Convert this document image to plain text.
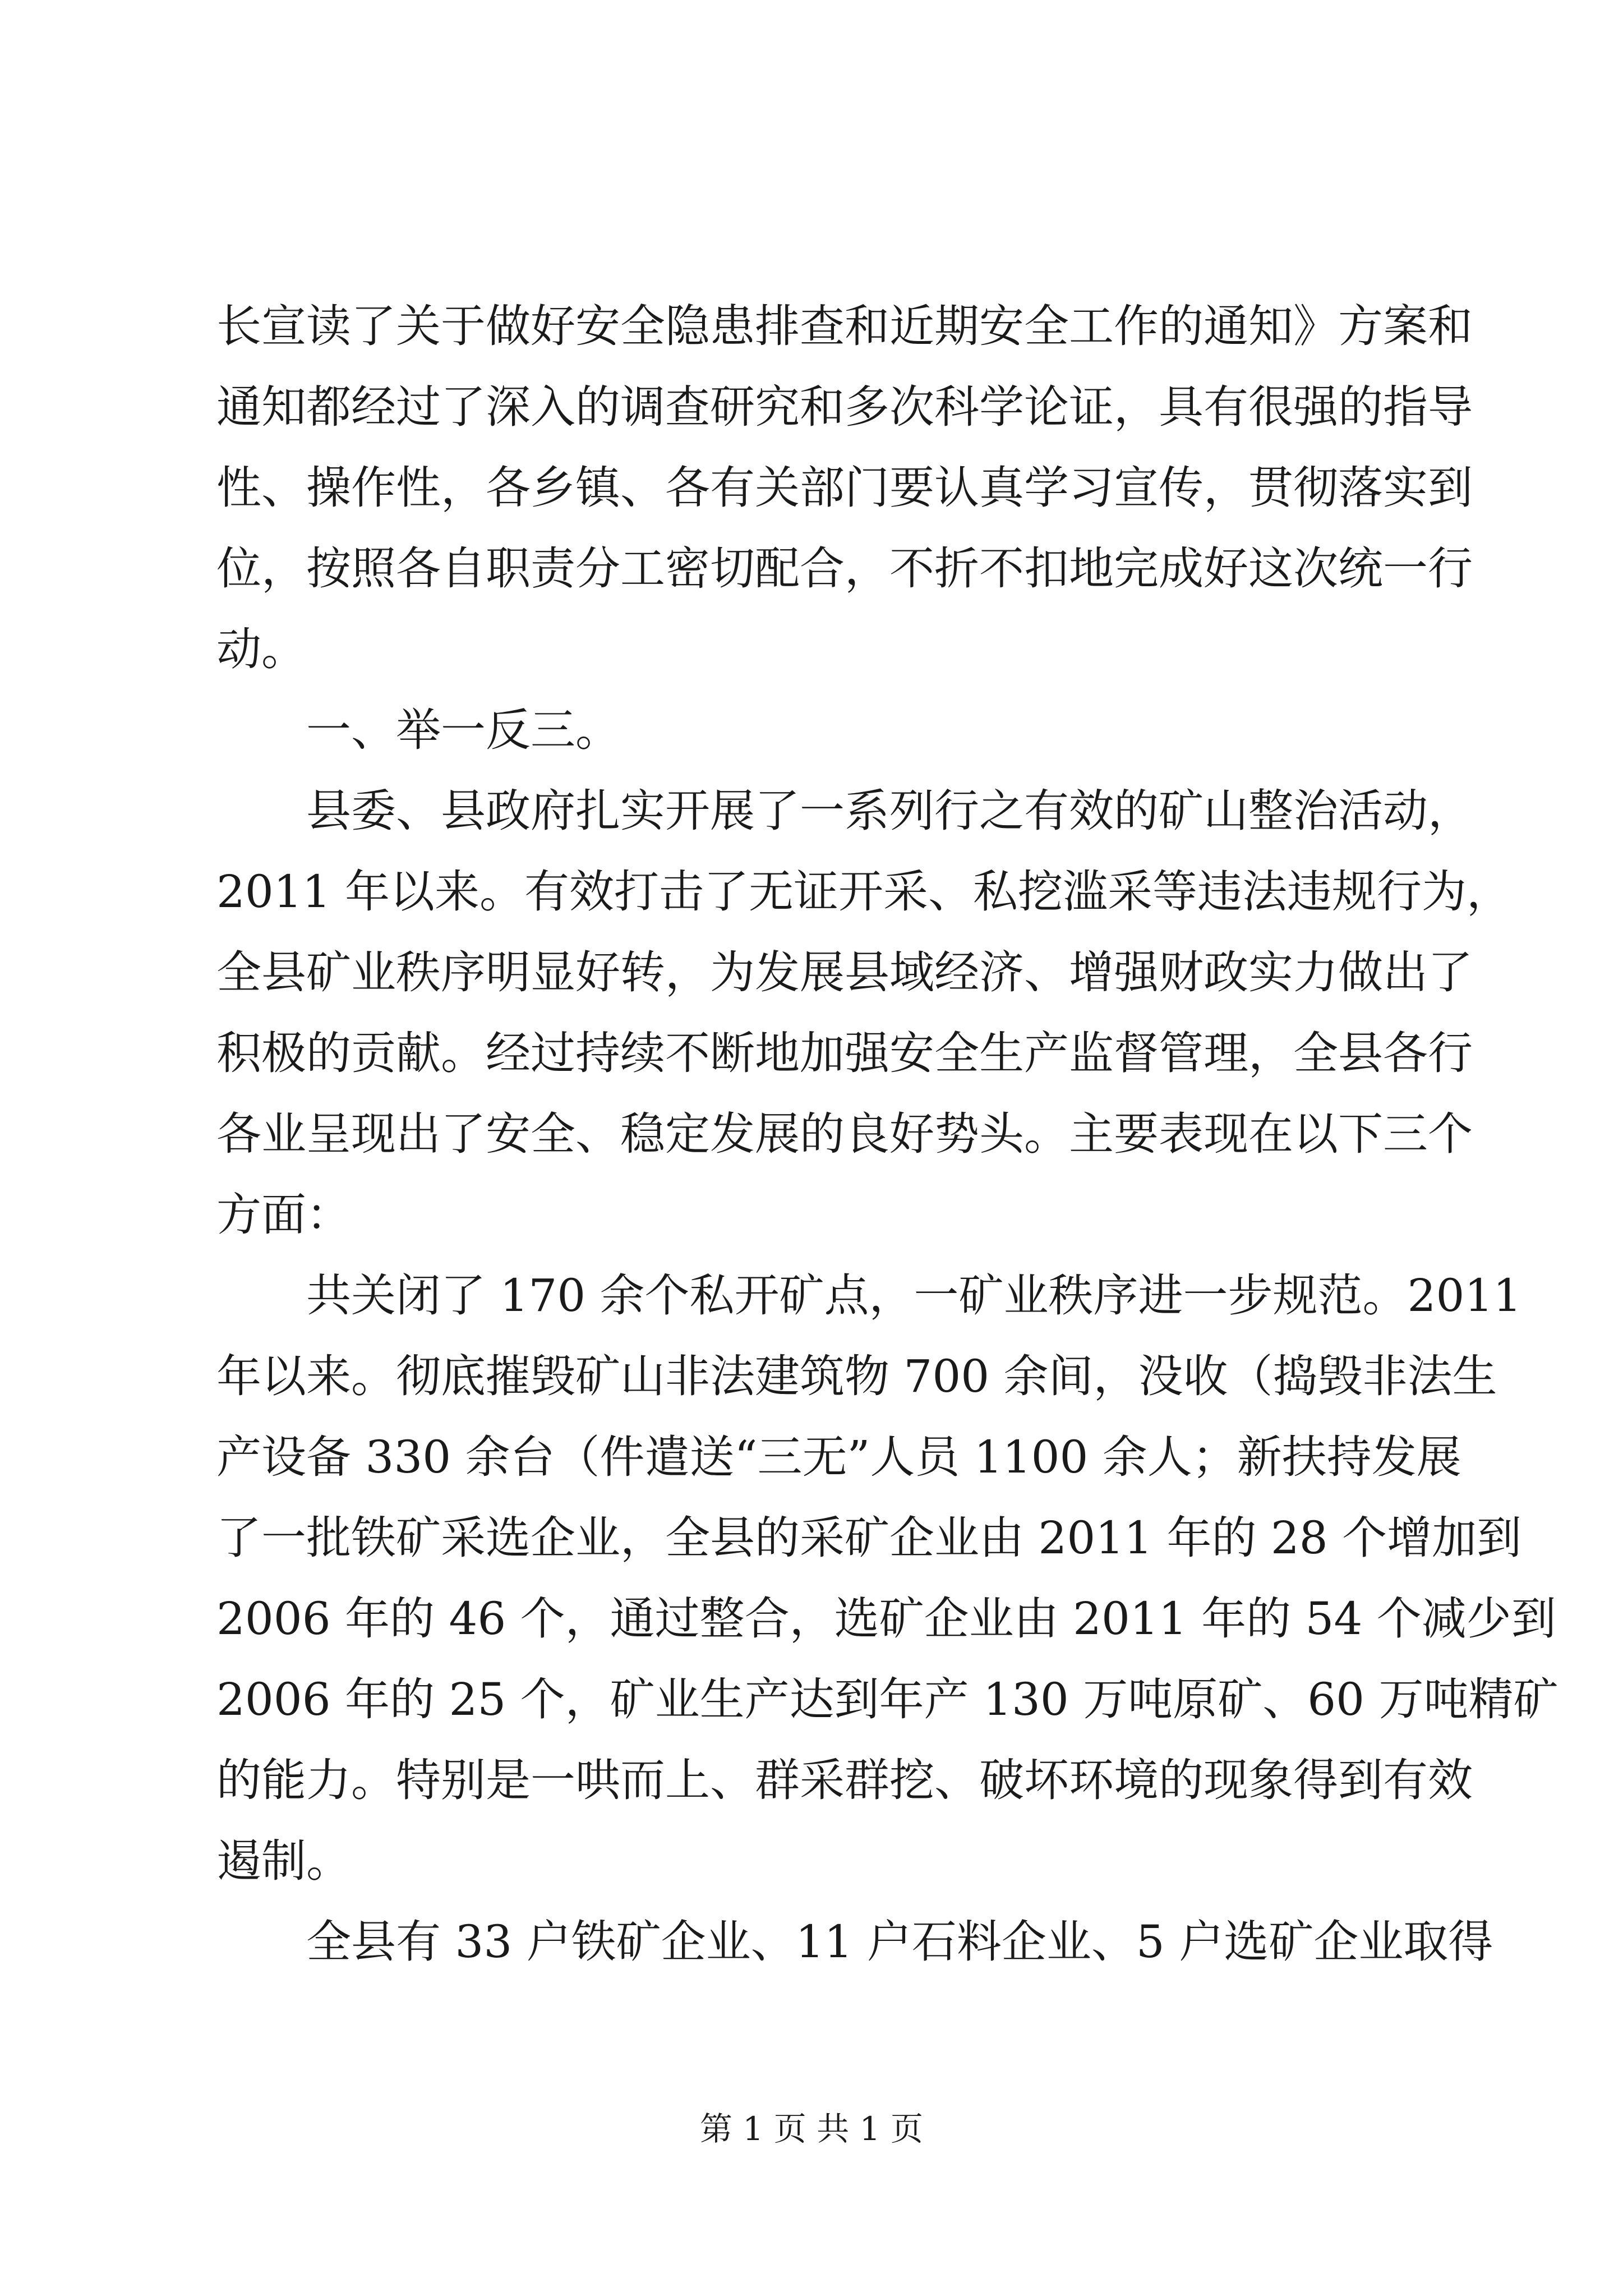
长宣读了关于做好安全隐患排查和近期安全工作的通知》方案和
通知都经过了深入的调查研究和多次科学论证，具有很强的指导
性、操作性，各乡镇、各有关部门要认真学习宣传，贯彻落实到
位，按照各自职责分工密切配合，不折不扣地完成好这次统一行
动。
一、举一反三。
县委、县政府扎实开展了一系列行之有效的矿山整治活动，
2011 年以来。有效打击了无证开采、私挖滥采等违法违规行为，
全县矿业秩序明显好转，为发展县域经济、增强财政实力做出了
积极的贡献。经过持续不断地加强安全生产监督管理，全县各行
各业呈现出了安全、稳定发展的良好势头。主要表现在以下三个
方面：
共关闭了 170 余个私开矿点，一矿业秩序进一步规范。2011
年以来。彻底摧毁矿山非法建筑物 700 余间，没收（捣毁非法生
产设备 330 余台（件遣送“三无”人员 1100 余人；新扶持发展
了一批铁矿采选企业，全县的采矿企业由 2011 年的 28 个增加到
2006 年的 46 个，通过整合，选矿企业由 2011 年的 54 个减少到
2006 年的 25 个，矿业生产达到年产 130 万吨原矿、60 万吨精矿
的能力。特别是一哄而上、群采群挖、破坏环境的现象得到有效
遏制。
全县有 33 户铁矿企业、11 户石料企业、5 户选矿企业取得
第 1 页 共 1 页
